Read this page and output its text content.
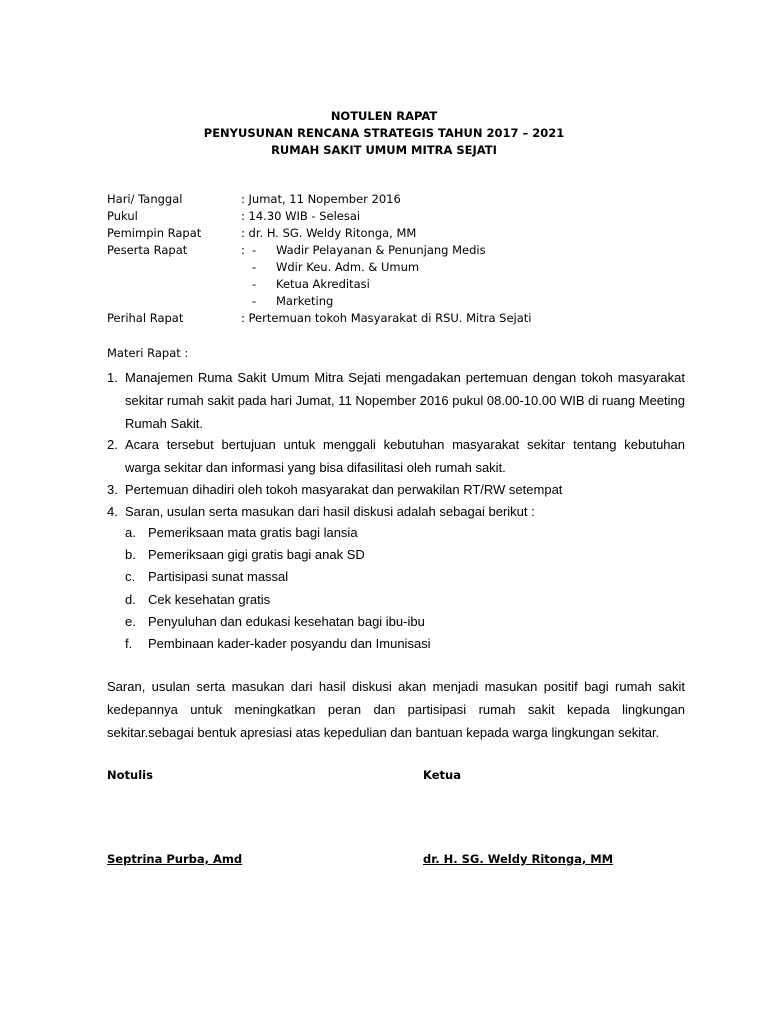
NOTULEN RAPAT
PENYUSUNAN RENCANA STRATEGIS TAHUN 2017 – 2021
RUMAH SAKIT UMUM MITRA SEJATI
Hari/ Tanggal	: Jumat, 11 Nopember 2016
Pukul	: 14.30 WIB - Selesai
Pemimpin Rapat	: dr. H. SG. Weldy Ritonga, MM
Peserta Rapat	: - Wadir Pelayanan & Penunjang Medis
- Wdir Keu. Adm. & Umum
- Ketua Akreditasi
- Marketing
Perihal Rapat	: Pertemuan tokoh Masyarakat di RSU. Mitra Sejati
Materi Rapat :
1. Manajemen Ruma Sakit Umum Mitra Sejati mengadakan pertemuan dengan tokoh masyarakat sekitar rumah sakit pada hari Jumat, 11 Nopember 2016 pukul 08.00-10.00 WIB di ruang Meeting Rumah Sakit.
2. Acara tersebut bertujuan untuk menggali kebutuhan masyarakat sekitar tentang kebutuhan warga sekitar dan informasi yang bisa difasilitasi oleh rumah sakit.
3. Pertemuan dihadiri oleh tokoh masyarakat dan perwakilan RT/RW setempat
4. Saran, usulan serta masukan dari hasil diskusi adalah sebagai berikut :
a. Pemeriksaan mata gratis bagi lansia
b. Pemeriksaan gigi gratis bagi anak SD
c. Partisipasi sunat massal
d. Cek kesehatan gratis
e. Penyuluhan dan edukasi kesehatan bagi ibu-ibu
f. Pembinaan kader-kader posyandu dan Imunisasi
Saran, usulan serta masukan dari hasil diskusi akan menjadi masukan positif bagi rumah sakit kedepannya untuk meningkatkan peran dan partisipasi rumah sakit kepada lingkungan sekitar.sebagai bentuk apresiasi atas kepedulian dan bantuan kepada warga lingkungan sekitar.
Notulis	Ketua
Septrina Purba, Amd	dr. H. SG. Weldy Ritonga, MM
